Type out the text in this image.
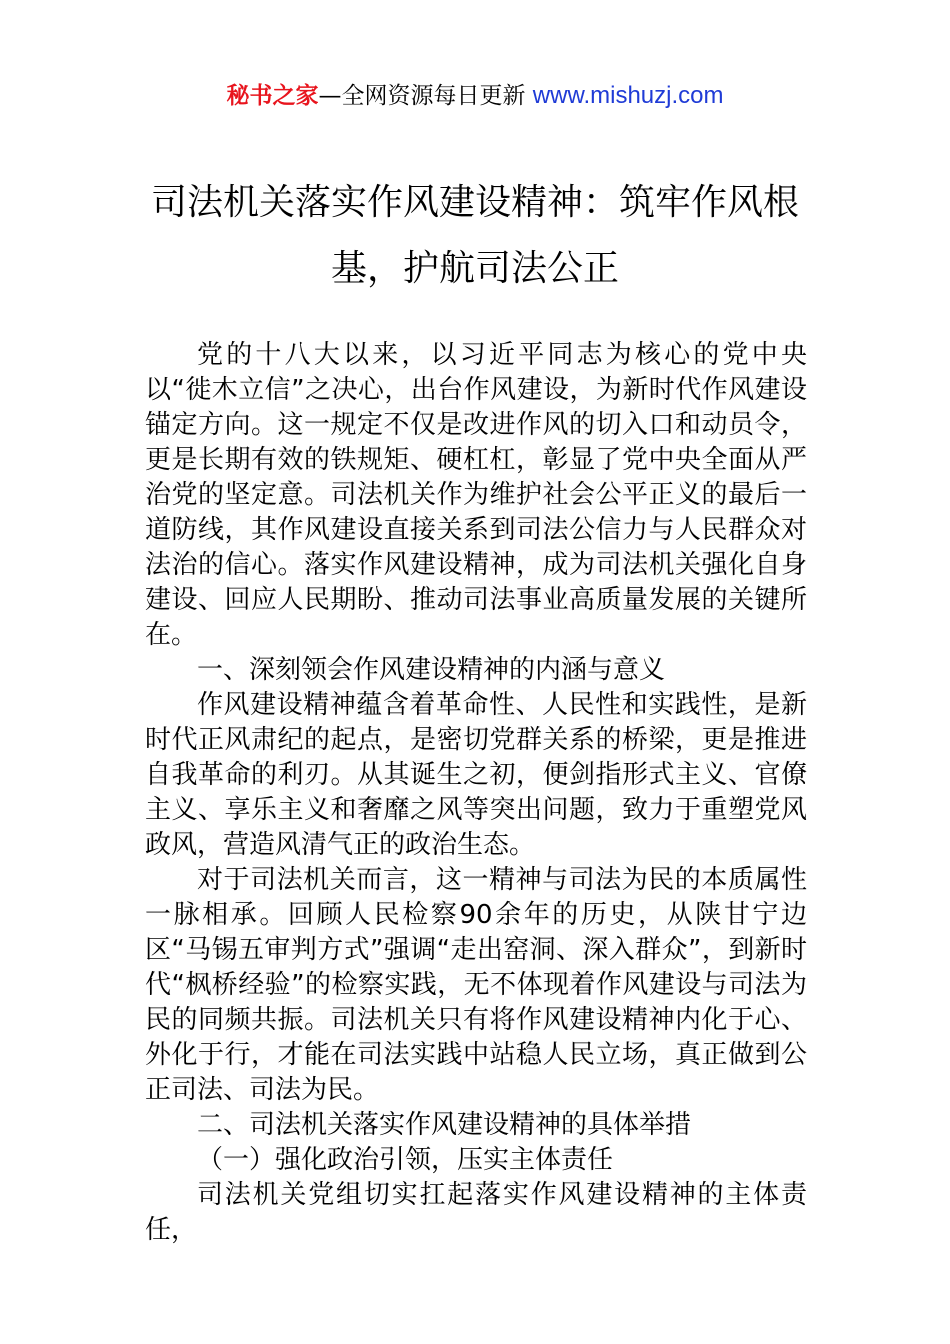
秘书之家—全网资源每日更新 www.mishuzj.com
司法机关落实作风建设精神：筑牢作风根基，护航司法公正

党的十八大以来，以习近平同志为核心的党中央以“徙木立信”之决心，出台作风建设，为新时代作风建设锚定方向。这一规定不仅是改进作风的切入口和动员令，更是长期有效的铁规矩、硬杠杠，彰显了党中央全面从严治党的坚定意。司法机关作为维护社会公平正义的最后一道防线，其作风建设直接关系到司法公信力与人民群众对法治的信心。落实作风建设精神，成为司法机关强化自身建设、回应人民期盼、推动司法事业高质量发展的关键所在。

一、深刻领会作风建设精神的内涵与意义

作风建设精神蕴含着革命性、人民性和实践性，是新时代正风肃纪的起点，是密切党群关系的桥梁，更是推进自我革命的利刃。从其诞生之初，便剑指形式主义、官僚主义、享乐主义和奢靡之风等突出问题，致力于重塑党风政风，营造风清气正的政治生态。

对于司法机关而言，这一精神与司法为民的本质属性一脉相承。回顾人民检察90余年的历史，从陕甘宁边区“马锡五审判方式”强调“走出窑洞、深入群众”，到新时代“枫桥经验”的检察实践，无不体现着作风建设与司法为民的同频共振。司法机关只有将作风建设精神内化于心、外化于行，才能在司法实践中站稳人民立场，真正做到公正司法、司法为民。

二、司法机关落实作风建设精神的具体举措

（一）强化政治引领，压实主体责任

司法机关党组切实扛起落实作风建设精神的主体责任，
